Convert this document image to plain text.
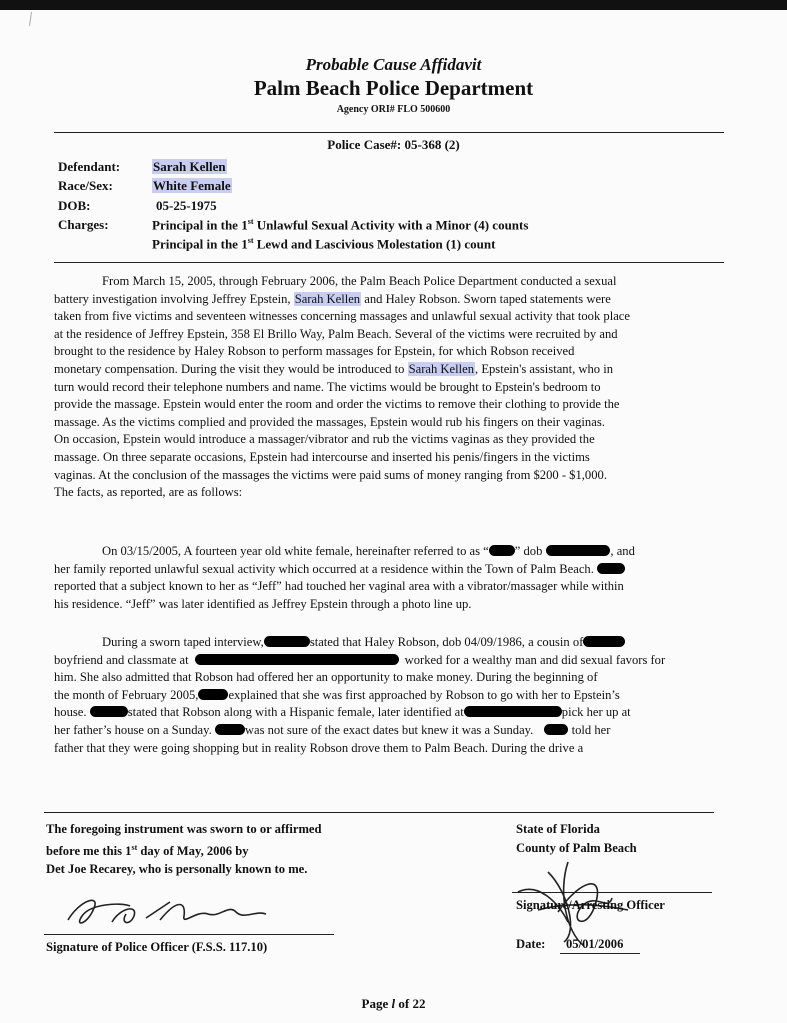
Probable Cause Affidavit
Palm Beach Police Department
Agency ORI# FLO 500600
Police Case#: 05-368 (2)
Defendant:	Sarah Kellen
Race/Sex:	White Female
DOB:	05-25-1975
Charges:	Principal in the 1st Unlawful Sexual Activity with a Minor (4) counts
Principal in the 1st Lewd and Lascivious Molestation (1) count
From March 15, 2005, through February 2006, the Palm Beach Police Department conducted a sexual
battery investigation involving Jeffrey Epstein, Sarah Kellen and Haley Robson. Sworn taped statements were
taken from five victims and seventeen witnesses concerning massages and unlawful sexual activity that took place
at the residence of Jeffrey Epstein, 358 El Brillo Way, Palm Beach. Several of the victims were recruited by and
brought to the residence by Haley Robson to perform massages for Epstein, for which Robson received
monetary compensation. During the visit they would be introduced to Sarah Kellen, Epstein's assistant, who in
turn would record their telephone numbers and name. The victims would be brought to Epstein's bedroom to
provide the massage. Epstein would enter the room and order the victims to remove their clothing to provide the
massage. As the victims complied and provided the massages, Epstein would rub his fingers on their vaginas.
On occasion, Epstein would introduce a massager/vibrator and rub the victims vaginas as they provided the
massage. On three separate occasions, Epstein had intercourse and inserted his penis/fingers in the victims
vaginas. At the conclusion of the massages the victims were paid sums of money ranging from $200 - $1,000.
The facts, as reported, are as follows:
On 03/15/2005, A fourteen year old white female, hereinafter referred to as “ ” dob	, and
her family reported unlawful sexual activity which occurred at a residence within the Town of Palm Beach.
reported that a subject known to her as “Jeff” had touched her vaginal area with a vibrator/massager while within
his residence. “Jeff” was later identified as Jeffrey Epstein through a photo line up.
During a sworn taped interview,	stated that Haley Robson, dob 04/09/1986, a cousin of
boyfriend and classmate at	worked for a wealthy man and did sexual favors for
him. She also admitted that Robson had offered her an opportunity to make money. During the beginning of
the month of February 2005, explained that she was first approached by Robson to go with her to Epstein’s
house.	stated that Robson along with a Hispanic female, later identified at	pick her up at
her father’s house on a Sunday.	was not sure of the exact dates but knew it was a Sunday.	told her
father that they were going shopping but in reality Robson drove them to Palm Beach. During the drive a
The foregoing instrument was sworn to or affirmed
before me this 1st day of May, 2006 by
Det Joe Recarey, who is personally known to me.
State of Florida
County of Palm Beach
Signature of Police Officer (F.S.S. 117.10)
Signature/Arresting Officer
Date: 05/01/2006
Page l of 22
